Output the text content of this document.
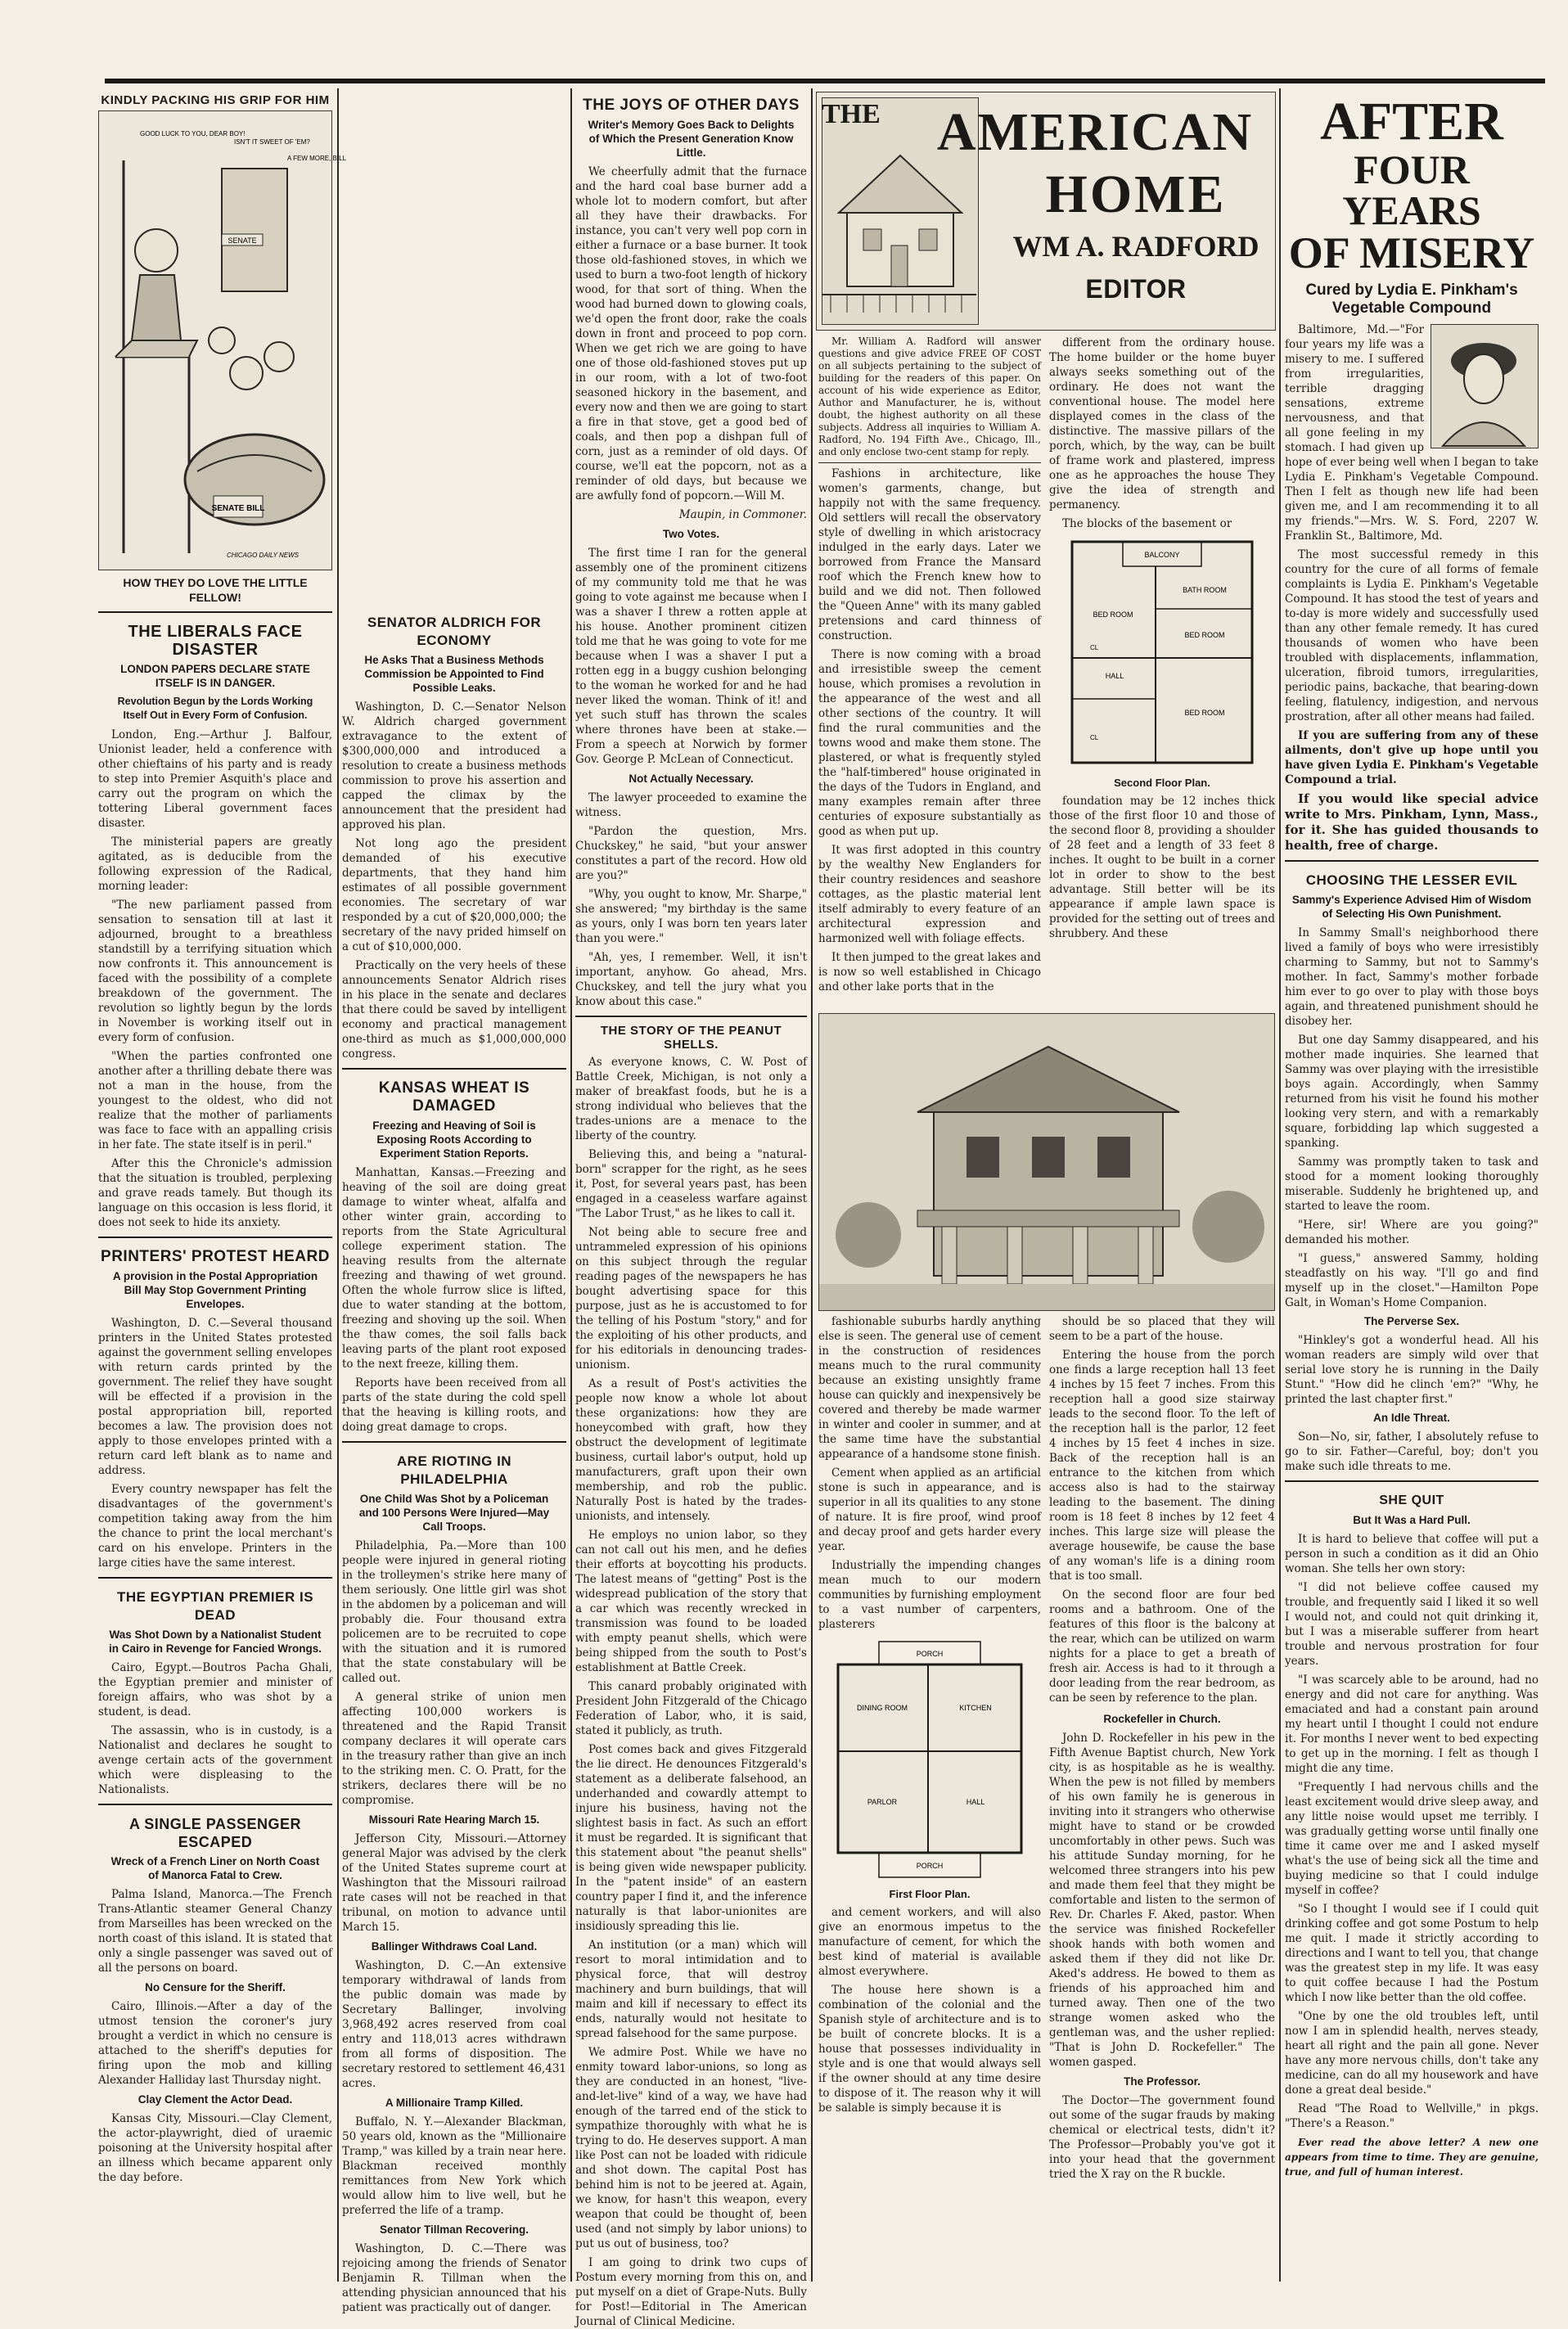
KINDLY PACKING HIS GRIP FOR HIM
SENATE BILL
SENATE
GOOD LUCK TO YOU, DEAR BOY!
ISN'T IT SWEET OF 'EM?
A FEW MORE, BILL
CHICAGO DAILY NEWS
HOW THEY DO LOVE THE LITTLE FELLOW!
THE LIBERALS FACE DISASTER
LONDON PAPERS DECLARE STATE ITSELF IS IN DANGER.
Revolution Begun by the Lords Working Itself Out in Every Form of Confusion.

London, Eng.—Arthur J. Balfour, Unionist leader, held a conference with other chieftains of his party and is ready to step into Premier Asquith's place and carry out the program on which the tottering Liberal government faces disaster.

The ministerial papers are greatly agitated, as is deducible from the following expression of the Radical, morning leader:

"The new parliament passed from sensation to sensation till at last it adjourned, brought to a breathless standstill by a terrifying situation which now confronts it. This announcement is faced with the possibility of a complete breakdown of the government. The revolution so lightly begun by the lords in November is working itself out in every form of confusion.

"When the parties confronted one another after a thrilling debate there was not a man in the house, from the youngest to the oldest, who did not realize that the mother of parliaments was face to face with an appalling crisis in her fate. The state itself is in peril."

After this the Chronicle's admission that the situation is troubled, perplexing and grave reads tamely. But though its language on this occasion is less florid, it does not seek to hide its anxiety.

PRINTERS' PROTEST HEARD
A provision in the Postal Appropriation Bill May Stop Government Printing Envelopes.

Washington, D. C.—Several thousand printers in the United States protested against the government selling envelopes with return cards printed by the government. The relief they have sought will be effected if a provision in the postal appropriation bill, reported becomes a law. The provision does not apply to those envelopes printed with a return card left blank as to name and address.

Every country newspaper has felt the disadvantages of the government's competition taking away from the him the chance to print the local merchant's card on his envelope. Printers in the large cities have the same interest.

THE EGYPTIAN PREMIER IS DEAD
Was Shot Down by a Nationalist Student in Cairo in Revenge for Fancied Wrongs.

Cairo, Egypt.—Boutros Pacha Ghali, the Egyptian premier and minister of foreign affairs, who was shot by a student, is dead.

The assassin, who is in custody, is a Nationalist and declares he sought to avenge certain acts of the government which were displeasing to the Nationalists.

A SINGLE PASSENGER ESCAPED
Wreck of a French Liner on North Coast of Manorca Fatal to Crew.

Palma Island, Manorca.—The French Trans-Atlantic steamer General Chanzy from Marseilles has been wrecked on the north coast of this island. It is stated that only a single passenger was saved out of all the persons on board.

No Censure for the Sheriff.

Cairo, Illinois.—After a day of the utmost tension the coroner's jury brought a verdict in which no censure is attached to the sheriff's deputies for firing upon the mob and killing Alexander Halliday last Thursday night.

Clay Clement the Actor Dead.

Kansas City, Missouri.—Clay Clement, the actor-playwright, died of uraemic poisoning at the University hospital after an illness which became apparent only the day before.

SENATOR ALDRICH FOR ECONOMY
He Asks That a Business Methods Commission be Appointed to Find Possible Leaks.

Washington, D. C.—Senator Nelson W. Aldrich charged government extravagance to the extent of $300,000,000 and introduced a resolution to create a business methods commission to prove his assertion and capped the climax by the announcement that the president had approved his plan.

Not long ago the president demanded of his executive departments, that they hand him estimates of all possible government economies. The secretary of war responded by a cut of $20,000,000; the secretary of the navy prided himself on a cut of $10,000,000.

Practically on the very heels of these announcements Senator Aldrich rises in his place in the senate and declares that there could be saved by intelligent economy and practical management one-third as much as $1,000,000,000 congress.

KANSAS WHEAT IS DAMAGED
Freezing and Heaving of Soil is Exposing Roots According to Experiment Station Reports.

Manhattan, Kansas.—Freezing and heaving of the soil are doing great damage to winter wheat, alfalfa and other winter grain, according to reports from the State Agricultural college experiment station. The heaving results from the alternate freezing and thawing of wet ground. Often the whole furrow slice is lifted, due to water standing at the bottom, freezing and shoving up the soil. When the thaw comes, the soil falls back leaving parts of the plant root exposed to the next freeze, killing them.

Reports have been received from all parts of the state during the cold spell that the heaving is killing roots, and doing great damage to crops.

ARE RIOTING IN PHILADELPHIA
One Child Was Shot by a Policeman and 100 Persons Were Injured—May Call Troops.

Philadelphia, Pa.—More than 100 people were injured in general rioting in the trolleymen's strike here many of them seriously. One little girl was shot in the abdomen by a policeman and will probably die. Four thousand extra policemen are to be recruited to cope with the situation and it is rumored that the state constabulary will be called out.

A general strike of union men affecting 100,000 workers is threatened and the Rapid Transit company declares it will operate cars in the treasury rather than give an inch to the striking men. C. O. Pratt, for the strikers, declares there will be no compromise.

Missouri Rate Hearing March 15.

Jefferson City, Missouri.—Attorney general Major was advised by the clerk of the United States supreme court at Washington that the Missouri railroad rate cases will not be reached in that tribunal, on motion to advance until March 15.

Ballinger Withdraws Coal Land.

Washington, D. C.—An extensive temporary withdrawal of lands from the public domain was made by Secretary Ballinger, involving 3,968,492 acres reserved from coal entry and 118,013 acres withdrawn from all forms of disposition. The secretary restored to settlement 46,431 acres.

A Millionaire Tramp Killed.

Buffalo, N. Y.—Alexander Blackman, 50 years old, known as the "Millionaire Tramp," was killed by a train near here. Blackman received monthly remittances from New York which would allow him to live well, but he preferred the life of a tramp.

Senator Tillman Recovering.

Washington, D. C.—There was rejoicing among the friends of Senator Benjamin R. Tillman when the attending physician announced that his patient was practically out of danger.

THE JOYS OF OTHER DAYS
Writer's Memory Goes Back to Delights of Which the Present Generation Know Little.

We cheerfully admit that the furnace and the hard coal base burner add a whole lot to modern comfort, but after all they have their drawbacks. For instance, you can't very well pop corn in either a furnace or a base burner. It took those old-fashioned stoves, in which we used to burn a two-foot length of hickory wood, for that sort of thing. When the wood had burned down to glowing coals, we'd open the front door, rake the coals down in front and proceed to pop corn. When we get rich we are going to have one of those old-fashioned stoves put up in our room, with a lot of two-foot seasoned hickory in the basement, and every now and then we are going to start a fire in that stove, get a good bed of coals, and then pop a dishpan full of corn, just as a reminder of old days. Of course, we'll eat the popcorn, not as a reminder of old days, but because we are awfully fond of popcorn.—Will M.

Maupin, in Commoner.
Two Votes.

The first time I ran for the general assembly one of the prominent citizens of my community told me that he was going to vote against me because when I was a shaver I threw a rotten apple at his house. Another prominent citizen told me that he was going to vote for me because when I was a shaver I put a rotten egg in a buggy cushion belonging to the woman he worked for and he had never liked the woman. Think of it! and yet such stuff has thrown the scales where thrones have been at stake.—From a speech at Norwich by former Gov. George P. McLean of Connecticut.

Not Actually Necessary.

The lawyer proceeded to examine the witness.

"Pardon the question, Mrs. Chuckskey," he said, "but your answer constitutes a part of the record. How old are you?"

"Why, you ought to know, Mr. Sharpe," she answered; "my birthday is the same as yours, only I was born ten years later than you were."

"Ah, yes, I remember. Well, it isn't important, anyhow. Go ahead, Mrs. Chuckskey, and tell the jury what you know about this case."

THE STORY OF THE PEANUT SHELLS.

As everyone knows, C. W. Post of Battle Creek, Michigan, is not only a maker of breakfast foods, but he is a strong individual who believes that the trades-unions are a menace to the liberty of the country.

Believing this, and being a "natural-born" scrapper for the right, as he sees it, Post, for several years past, has been engaged in a ceaseless warfare against "The Labor Trust," as he likes to call it.

Not being able to secure free and untrammeled expression of his opinions on this subject through the regular reading pages of the newspapers he has bought advertising space for this purpose, just as he is accustomed to for the telling of his Postum "story," and for the exploiting of his other products, and for his editorials in denouncing trades-unionism.

As a result of Post's activities the people now know a whole lot about these organizations: how they are honeycombed with graft, how they obstruct the development of legitimate business, curtail labor's output, hold up manufacturers, graft upon their own membership, and rob the public. Naturally Post is hated by the trades-unionists, and intensely.

He employs no union labor, so they can not call out his men, and he defies their efforts at boycotting his products. The latest means of "getting" Post is the widespread publication of the story that a car which was recently wrecked in transmission was found to be loaded with empty peanut shells, which were being shipped from the south to Post's establishment at Battle Creek.

This canard probably originated with President John Fitzgerald of the Chicago Federation of Labor, who, it is said, stated it publicly, as truth.

Post comes back and gives Fitzgerald the lie direct. He denounces Fitzgerald's statement as a deliberate falsehood, an underhanded and cowardly attempt to injure his business, having not the slightest basis in fact. As such an effort it must be regarded. It is significant that this statement about "the peanut shells" is being given wide newspaper publicity. In the "patent inside" of an eastern country paper I find it, and the inference naturally is that labor-unionites are insidiously spreading this lie.

An institution (or a man) which will resort to moral intimidation and to physical force, that will destroy machinery and burn buildings, that will maim and kill if necessary to effect its ends, naturally would not hesitate to spread falsehood for the same purpose.

We admire Post. While we have no enmity toward labor-unions, so long as they are conducted in an honest, "live-and-let-live" kind of a way, we have had enough of the tarred end of the stick to sympathize thoroughly with what he is trying to do. He deserves support. A man like Post can not be loaded with ridicule and shot down. The capital Post has behind him is not to be jeered at. Again, we know, for hasn't this weapon, every weapon that could be thought of, been used (and not simply by labor unions) to put us out of business, too?

I am going to drink two cups of Postum every morning from this on, and put myself on a diet of Grape-Nuts. Bully for Post!—Editorial in The American Journal of Clinical Medicine.

THE AMERICAN
HOME
WM A. RADFORD
EDITOR

Mr. William A. Radford will answer questions and give advice FREE OF COST on all subjects pertaining to the subject of building for the readers of this paper. On account of his wide experience as Editor, Author and Manufacturer, he is, without doubt, the highest authority on all these subjects. Address all inquiries to William A. Radford, No. 194 Fifth Ave., Chicago, Ill., and only enclose two-cent stamp for reply.

Fashions in architecture, like women's garments, change, but happily not with the same frequency. Old settlers will recall the observatory style of dwelling in which aristocracy indulged in the early days. Later we borrowed from France the Mansard roof which the French knew how to build and we did not. Then followed the "Queen Anne" with its many gabled pretensions and card thinness of construction.

There is now coming with a broad and irresistible sweep the cement house, which promises a revolution in the appearance of the west and all other sections of the country. It will find the rural communities and the towns wood and make them stone. The plastered, or what is frequently styled the "half-timbered" house originated in the days of the Tudors in England, and many examples remain after three centuries of exposure substantially as good as when put up.

It was first adopted in this country by the wealthy New Englanders for their country residences and seashore cottages, as the plastic material lent itself admirably to every feature of an architectural expression and harmonized well with foliage effects.

It then jumped to the great lakes and is now so well established in Chicago and other lake ports that in the

different from the ordinary house. The home builder or the home buyer always seeks something out of the ordinary. He does not want the conventional house. The model here displayed comes in the class of the distinctive. The massive pillars of the porch, which, by the way, can be built of frame work and plastered, impress one as he approaches the house They give the idea of strength and permanency.

The blocks of the basement or

BALCONY
BATH ROOM
BED ROOM
BED ROOM
HALL
BED ROOM
CL
CL
Second Floor Plan.

foundation may be 12 inches thick those of the first floor 10 and those of the second floor 8, providing a shoulder of 28 feet and a length of 33 feet 8 inches. It ought to be built in a corner lot in order to show to the best advantage. Still better will be its appearance if ample lawn space is provided for the setting out of trees and shrubbery. And these

fashionable suburbs hardly anything else is seen. The general use of cement in the construction of residences means much to the rural community because an existing unsightly frame house can quickly and inexpensively be covered and thereby be made warmer in winter and cooler in summer, and at the same time have the substantial appearance of a handsome stone finish.

Cement when applied as an artificial stone is such in appearance, and is superior in all its qualities to any stone of nature. It is fire proof, wind proof and decay proof and gets harder every year.

Industrially the impending changes mean much to our modern communities by furnishing employment to a vast number of carpenters, plasterers

PORCH
DINING ROOM	KITCHEN
PARLOR	HALL
PORCH
First Floor Plan.

and cement workers, and will also give an enormous impetus to the manufacture of cement, for which the best kind of material is available almost everywhere.

The house here shown is a combination of the colonial and the Spanish style of architecture and is to be built of concrete blocks. It is a house that possesses individuality in style and is one that would always sell if the owner should at any time desire to dispose of it. The reason why it will be salable is simply because it is

should be so placed that they will seem to be a part of the house.

Entering the house from the porch one finds a large reception hall 13 feet 4 inches by 15 feet 7 inches. From this reception hall a good size stairway leads to the second floor. To the left of the reception hall is the parlor, 12 feet 4 inches by 15 feet 4 inches in size. Back of the reception hall is an entrance to the kitchen from which access also is had to the stairway leading to the basement. The dining room is 18 feet 8 inches by 12 feet 4 inches. This large size will please the average housewife, be cause the base of any woman's life is a dining room that is too small.

On the second floor are four bed rooms and a bathroom. One of the features of this floor is the balcony at the rear, which can be utilized on warm nights for a place to get a breath of fresh air. Access is had to it through a door leading from the rear bedroom, as can be seen by reference to the plan.

Rockefeller in Church.

John D. Rockefeller in his pew in the Fifth Avenue Baptist church, New York city, is as hospitable as he is wealthy. When the pew is not filled by members of his own family he is generous in inviting into it strangers who otherwise might have to stand or be crowded uncomfortably in other pews. Such was his attitude Sunday morning, for he welcomed three strangers into his pew and made them feel that they might be comfortable and listen to the sermon of Rev. Dr. Charles F. Aked, pastor. When the service was finished Rockefeller shook hands with both women and asked them if they did not like Dr. Aked's address. He bowed to them as friends of his approached him and turned away. Then one of the two strange women asked who the gentleman was, and the usher replied: "That is John D. Rockefeller." The women gasped.

The Professor.

The Doctor—The government found out some of the sugar frauds by making chemical or electrical tests, didn't it? The Professor—Probably you've got it into your head that the government tried the X ray on the R buckle.

AFTER
FOUR YEARS
OF MISERY
Cured by Lydia E. Pinkham's Vegetable Compound

Baltimore, Md.—"For four years my life was a misery to me. I suffered from irregularities, terrible dragging sensations, extreme nervousness, and that all gone feeling in my stomach. I had given up hope of ever being well when I began to take Lydia E. Pinkham's Vegetable Compound. Then I felt as though new life had been given me, and I am recommending it to all my friends."—Mrs. W. S. Ford, 2207 W. Franklin St., Baltimore, Md.

The most successful remedy in this country for the cure of all forms of female complaints is Lydia E. Pinkham's Vegetable Compound. It has stood the test of years and to-day is more widely and successfully used than any other female remedy. It has cured thousands of women who have been troubled with displacements, inflammation, ulceration, fibroid tumors, irregularities, periodic pains, backache, that bearing-down feeling, flatulency, indigestion, and nervous prostration, after all other means had failed.

If you are suffering from any of these ailments, don't give up hope until you have given Lydia E. Pinkham's Vegetable Compound a trial.

If you would like special advice write to Mrs. Pinkham, Lynn, Mass., for it. She has guided thousands to health, free of charge.

CHOOSING THE LESSER EVIL
Sammy's Experience Advised Him of Wisdom of Selecting His Own Punishment.

In Sammy Small's neighborhood there lived a family of boys who were irresistibly charming to Sammy, but not to Sammy's mother. In fact, Sammy's mother forbade him ever to go over to play with those boys again, and threatened punishment should he disobey her.

But one day Sammy disappeared, and his mother made inquiries. She learned that Sammy was over playing with the irresistible boys again. Accordingly, when Sammy returned from his visit he found his mother looking very stern, and with a remarkably square, forbidding lap which suggested a spanking.

Sammy was promptly taken to task and stood for a moment looking thoroughly miserable. Suddenly he brightened up, and started to leave the room.

"Here, sir! Where are you going?" demanded his mother.

"I guess," answered Sammy, holding steadfastly on his way. "I'll go and find myself up in the closet."—Hamilton Pope Galt, in Woman's Home Companion.

The Perverse Sex.

"Hinkley's got a wonderful head. All his woman readers are simply wild over that serial love story he is running in the Daily Stunt." "How did he clinch 'em?" "Why, he printed the last chapter first."

An Idle Threat.

Son—No, sir, father, I absolutely refuse to go to sir. Father—Careful, boy; don't you make such idle threats to me.

SHE QUIT
But It Was a Hard Pull.

It is hard to believe that coffee will put a person in such a condition as it did an Ohio woman. She tells her own story:

"I did not believe coffee caused my trouble, and frequently said I liked it so well I would not, and could not quit drinking it, but I was a miserable sufferer from heart trouble and nervous prostration for four years.

"I was scarcely able to be around, had no energy and did not care for anything. Was emaciated and had a constant pain around my heart until I thought I could not endure it. For months I never went to bed expecting to get up in the morning. I felt as though I might die any time.

"Frequently I had nervous chills and the least excitement would drive sleep away, and any little noise would upset me terribly. I was gradually getting worse until finally one time it came over me and I asked myself what's the use of being sick all the time and buying medicine so that I could indulge myself in coffee?

"So I thought I would see if I could quit drinking coffee and got some Postum to help me quit. I made it strictly according to directions and I want to tell you, that change was the greatest step in my life. It was easy to quit coffee because I had the Postum which I now like better than the old coffee.

"One by one the old troubles left, until now I am in splendid health, nerves steady, heart all right and the pain all gone. Never have any more nervous chills, don't take any medicine, can do all my housework and have done a great deal beside."

Read "The Road to Wellville," in pkgs. "There's a Reason."

Ever read the above letter? A new one appears from time to time. They are genuine, true, and full of human interest.
